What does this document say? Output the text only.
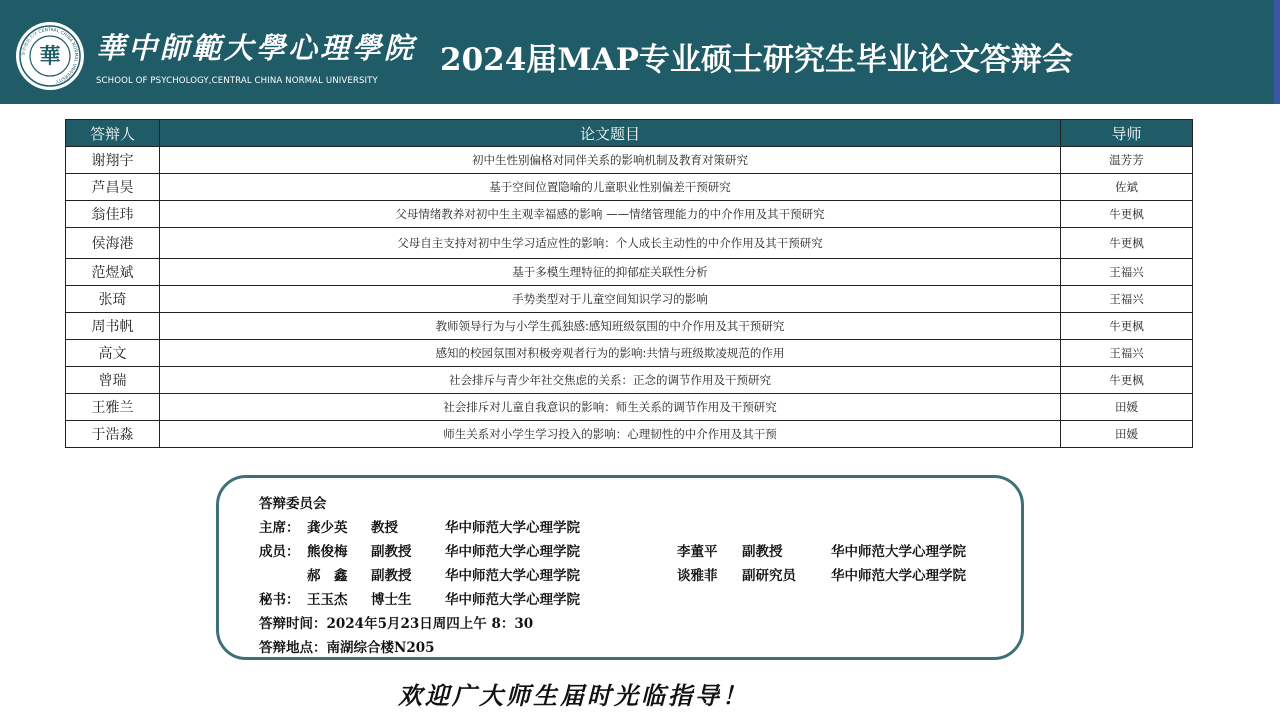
华中师范大学 CENTRAL CHINA NORMAL UNIVERSITY
華 華中師範大學心理學院
SCHOOL OF PSYCHOLOGY,CENTRAL CHINA NORMAL UNIVERSITY
2024届MAP专业硕士研究生毕业论文答辩会
答辩人	论文题目	导师
谢翔宇	初中生性别偏格对同伴关系的影响机制及教育对策研究	温芳芳
芦昌昊	基于空间位置隐喻的儿童职业性别偏差干预研究	佐斌
翁佳玮	父母情绪教养对初中生主观幸福感的影响 ——情绪管理能力的中介作用及其干预研究	牛更枫
侯海港	父母自主支持对初中生学习适应性的影响：个人成长主动性的中介作用及其干预研究	牛更枫
范煜斌	基于多模生理特征的抑郁症关联性分析	王福兴
张琦	手势类型对于儿童空间知识学习的影响	王福兴
周书帆	教师领导行为与小学生孤独感:感知班级氛围的中介作用及其干预研究	牛更枫
高文	感知的校园氛围对积极旁观者行为的影响:共情与班级欺凌规范的作用	王福兴
曾瑞	社会排斥与青少年社交焦虑的关系：正念的调节作用及干预研究	牛更枫
王雅兰	社会排斥对儿童自我意识的影响：师生关系的调节作用及干预研究	田媛
于浩淼	师生关系对小学生学习投入的影响：心理韧性的中介作用及其干预	田媛
答辩委员会
主席： 龚少英 教授	华中师范大学心理学院
成员： 熊俊梅 副教授 华中师范大学心理学院	李董平 副教授	华中师范大学心理学院
郝　鑫 副教授 华中师范大学心理学院	谈雅菲 副研究员	华中师范大学心理学院
秘书： 王玉杰 博士生 华中师范大学心理学院
答辩时间：2024年5月23日周四上午 8：30
答辩地点：南湖综合楼N205
欢迎广大师生届时光临指导！
